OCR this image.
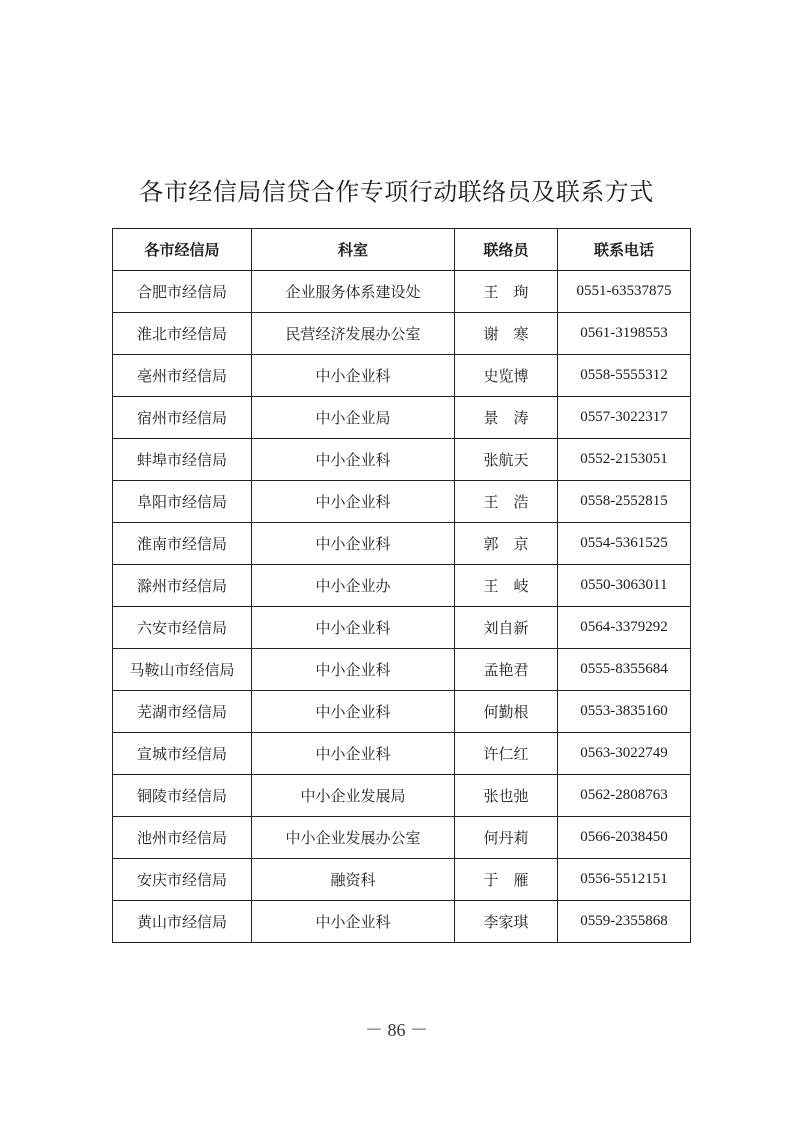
各市经信局信贷合作专项行动联络员及联系方式
各市经信局	科室	联络员	联系电话
合肥市经信局	企业服务体系建设处	王　珣	0551-63537875
淮北市经信局	民营经济发展办公室	谢　寒	0561-3198553
亳州市经信局	中小企业科	史览博	0558-5555312
宿州市经信局	中小企业局	景　涛	0557-3022317
蚌埠市经信局	中小企业科	张航天	0552-2153051
阜阳市经信局	中小企业科	王　浩	0558-2552815
淮南市经信局	中小企业科	郭　京	0554-5361525
滁州市经信局	中小企业办	王　岐	0550-3063011
六安市经信局	中小企业科	刘自新	0564-3379292
马鞍山市经信局	中小企业科	孟艳君	0555-8355684
芜湖市经信局	中小企业科	何勤根	0553-3835160
宣城市经信局	中小企业科	许仁红	0563-3022749
铜陵市经信局	中小企业发展局	张也弛	0562-2808763
池州市经信局	中小企业发展办公室	何丹莉	0566-2038450
安庆市经信局	融资科	于　雁	0556-5512151
黄山市经信局	中小企业科	李家琪	0559-2355868
－ 86 －
